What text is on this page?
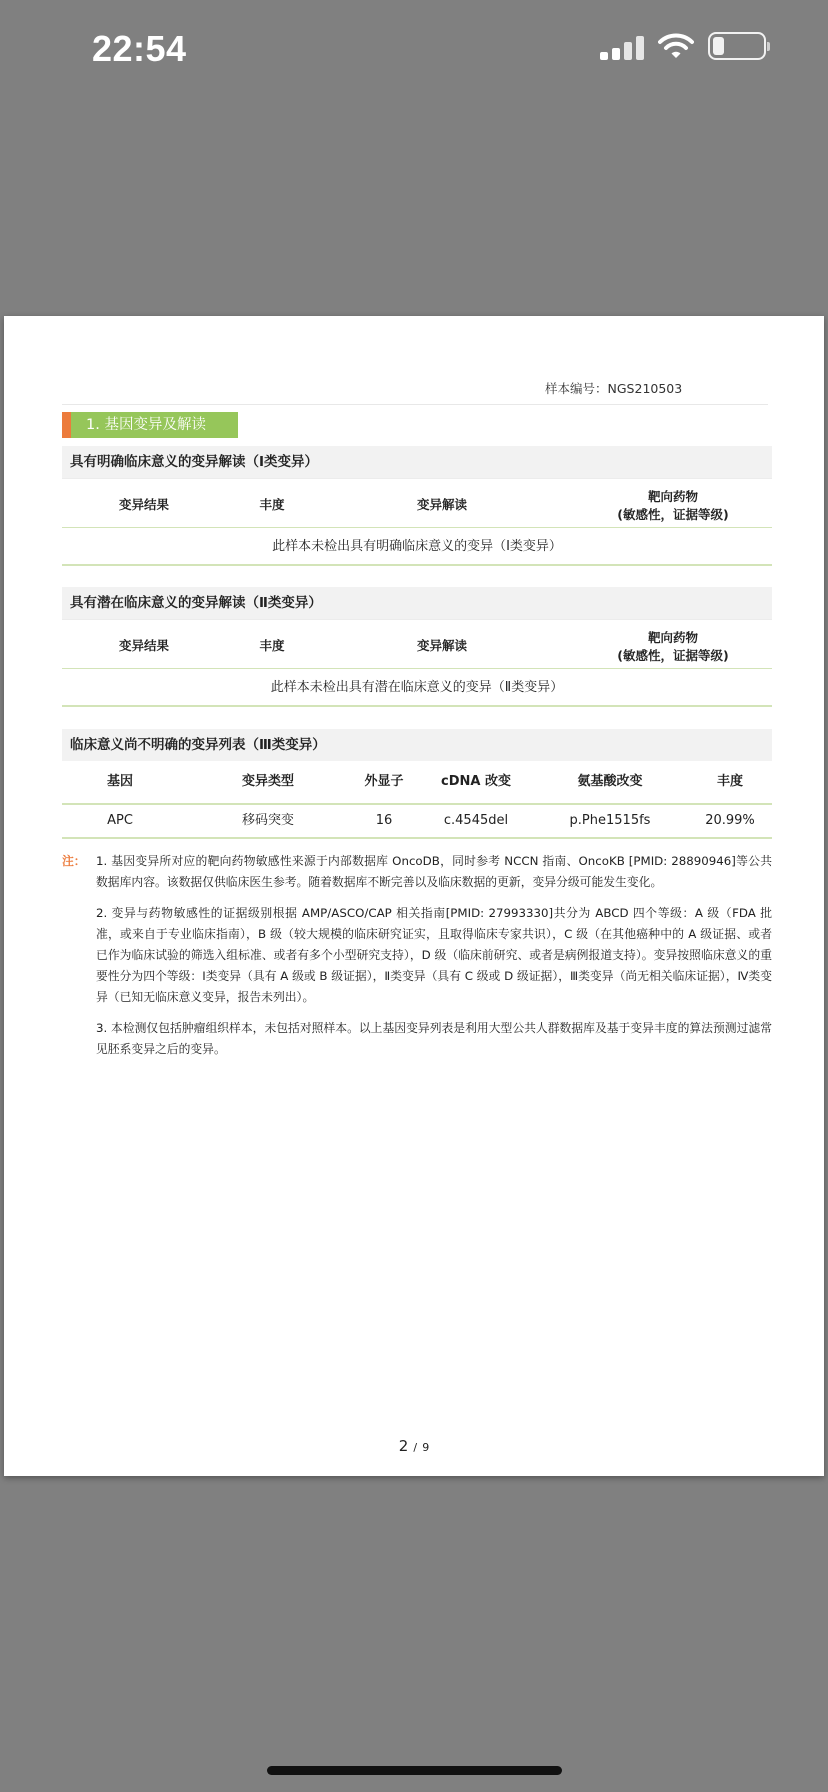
22:54
样本编号：NGS210503
1. 基因变异及解读
具有明确临床意义的变异解读（Ⅰ类变异）
变异结果	丰度	变异解读
靶向药物
(敏感性，证据等级)
此样本未检出具有明确临床意义的变异（Ⅰ类变异）
具有潜在临床意义的变异解读（Ⅱ类变异）
变异结果	丰度	变异解读
靶向药物
(敏感性，证据等级)
此样本未检出具有潜在临床意义的变异（Ⅱ类变异）
临床意义尚不明确的变异列表（Ⅲ类变异）
基因	变异类型	外显子	cDNA 改变	氨基酸改变	丰度
APC	移码突变	16	c.4545del	p.Phe1515fs	20.99%
注： 1. 基因变异所对应的靶向药物敏感性来源于内部数据库 OncoDB，同时参考 NCCN 指南、OncoKB [PMID: 28890946]等公共数据库内容。该数据仅供临床医生参考。随着数据库不断完善以及临床数据的更新，变异分级可能发生变化。

2. 变异与药物敏感性的证据级别根据 AMP/ASCO/CAP 相关指南[PMID: 27993330]共分为 ABCD 四个等级：A 级（FDA 批准，或来自于专业临床指南），B 级（较大规模的临床研究证实，且取得临床专家共识），C 级（在其他癌种中的 A 级证据、或者已作为临床试验的筛选入组标准、或者有多个小型研究支持），D 级（临床前研究、或者是病例报道支持）。变异按照临床意义的重要性分为四个等级：Ⅰ类变异（具有 A 级或 B 级证据），Ⅱ类变异（具有 C 级或 D 级证据），Ⅲ类变异（尚无相关临床证据），Ⅳ类变异（已知无临床意义变异，报告未列出）。

3. 本检测仅包括肿瘤组织样本，未包括对照样本。以上基因变异列表是利用大型公共人群数据库及基于变异丰度的算法预测过滤常见胚系变异之后的变异。

2 / 9
